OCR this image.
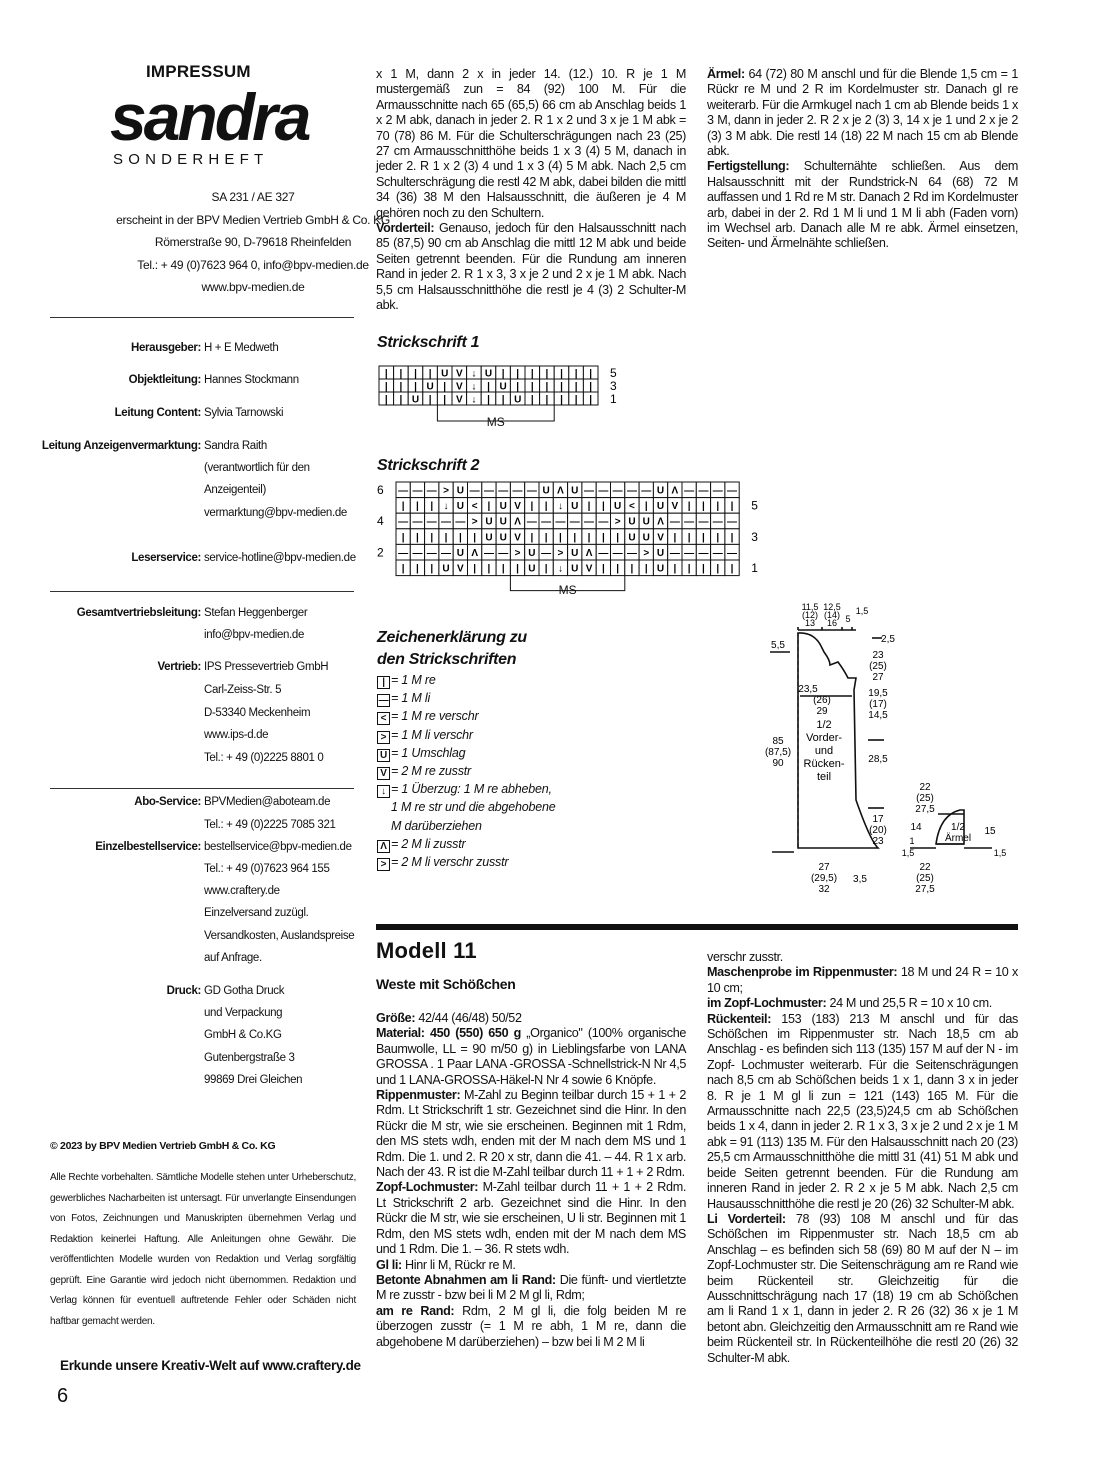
IMPRESSUM
sandra
SONDERHEFT
SA 231 / AE 327
erscheint in der BPV Medien Vertrieb GmbH & Co. KG
Römerstraße 90, D-79618 Rheinfelden
Tel.: + 49 (0)7623 964 0, info@bpv-medien.de
www.bpv-medien.de
Herausgeber: H + E Medweth
Objektleitung: Hannes Stockmann
Leitung Content: Sylvia Tarnowski
Leitung Anzeigenvermarktung: Sandra Raith
(verantwortlich für den
Anzeigenteil)
vermarktung@bpv-medien.de
Leserservice: service-hotline@bpv-medien.de
Gesamtvertriebsleitung: Stefan Heggenberger
info@bpv-medien.de
Vertrieb: IPS Pressevertrieb GmbH
Carl-Zeiss-Str. 5
D-53340 Meckenheim
www.ips-d.de
Tel.: + 49 (0)2225 8801 0
Abo-Service: BPVMedien@aboteam.de
Tel.: + 49 (0)2225 7085 321
Einzelbestellservice: bestellservice@bpv-medien.de
Tel.: + 49 (0)7623 964 155
www.craftery.de
Einzelversand zuzügl.
Versandkosten, Auslandspreise
auf Anfrage.
Druck: GD Gotha Druck
und Verpackung
GmbH & Co.KG
Gutenbergstraße 3
99869 Drei Gleichen
© 2023 by BPV Medien Vertrieb GmbH & Co. KG
Alle Rechte vorbehalten. Sämtliche Modelle stehen unter Urheberschutz, gewerbliches Nacharbeiten ist untersagt. Für unverlangte Einsendungen von Fotos, Zeichnungen und Manuskripten übernehmen Verlag und Redaktion keinerlei Haftung. Alle Anleitungen ohne Gewähr. Die veröffentlichten Modelle wurden von Redaktion und Verlag sorgfältig geprüft. Eine Garantie wird jedoch nicht übernommen. Redaktion und Verlag können für eventuell auftretende Fehler oder Schäden nicht haftbar gemacht werden.
Erkunde unsere Kreativ-Welt auf www.craftery.de
6

x 1 M, dann 2 x in jeder 14. (12.) 10. R je 1 M mustergemäß zun = 84 (92) 100 M. Für die Armausschnitte nach 65 (65,5) 66 cm ab Anschlag beids 1 x 2 M abk, danach in jeder 2. R 1 x 2 und 3 x je 1 M abk = 70 (78) 86 M. Für die Schulterschrägungen nach 23 (25) 27 cm Armausschnitthöhe beids 1 x 3 (4) 5 M, danach in jeder 2. R 1 x 2 (3) 4 und 1 x 3 (4) 5 M abk. Nach 2,5 cm Schulterschrägung die restl 42 M abk, dabei bilden die mittl 34 (36) 38 M den Halsausschnitt, die äußeren je 4 M gehören noch zu den Schultern.

Vorderteil: Genauso, jedoch für den Halsausschnitt nach 85 (87,5) 90 cm ab Anschlag die mittl 12 M abk und beide Seiten getrennt beenden. Für die Rundung am inneren Rand in jeder 2. R 1 x 3, 3 x je 2 und 2 x je 1 M abk. Nach 5,5 cm Halsausschnitthöhe die restl je 4 (3) 2 Schulter-M abk.

Ärmel: 64 (72) 80 M anschl und für die Blende 1,5 cm = 1 Rückr re M und 2 R im Kordelmuster str. Danach gl re weiterarb. Für die Armkugel nach 1 cm ab Blende beids 1 x 3 M, dann in jeder 2. R 2 x je 2 (3) 3, 14 x je 1 und 2 x je 2 (3) 3 M abk. Die restl 14 (18) 22 M nach 15 cm ab Blende abk.

Fertigstellung: Schulternähte schließen. Aus dem Halsausschnitt mit der Rundstrick-N 64 (68) 72 M auffassen und 1 Rd re M str. Danach 2 Rd im Kordelmuster arb, dabei in der 2. Rd 1 M li und 1 M li abh (Faden vorn) im Wechsel arb. Danach alle M re abk. Ärmel einsetzen, Seiten- und Ärmelnähte schließen.

Strickschrift 1
| | | | U V ↓ U | | | | | | |
| | | U | V ↓ | U | | | | | |
| | U | | V ↓ | | U | | | | |
5
3
1
MS
Strickschrift 2
— — — > U — — — — — U Λ U — — — — — U Λ — — — —
| | | ↓ U < | U V | | ↓ U | | U < | U V | | | |
— — — — — > U U Λ — — — — — — > U U Λ — — — — —
| | | | | | U U V | | | | | | | U U V | | | | |
— — — — U Λ — — > U — > U Λ — — — > U — — — — —
| | | U V | | | | U | ↓ U V | | | | U | | | | |
6
4
2
5
3
1
MS
Zeichenerklärung zu
den Strickschriften
| = 1 M re
— = 1 M li
< = 1 M re verschr
> = 1 M li verschr
U = 1 Umschlag
V = 2 M re zusstr
↓ = 1 Überzug: 1 M re abheben,
1 M re str und die abgehobene
M darüberziehen
Λ = 2 M li zusstr
> = 2 M li verschr zusstr
11,5
(12)
13
12,5
(14)
16 5
1,5
5,5
2,5
23
(25)
27
23,5
(26)
29
19,5
(17)
14,5
85
(87,5)
90
1/2
Vorder-
und
Rücken-
teil
28,5
17
(20)
23
27
(29,5)
32
3,5
22
(25)
27,5
14	1/2
Ärmel
15
1
1,5	1,5
22
(25)
27,5
Modell 11
Weste mit Schößchen

Größe: 42/44 (46/48) 50/52

Material: 450 (550) 650 g „Organico" (100% organische Baumwolle, LL = 90 m/50 g) in Lieblingsfarbe von LANA GROSSA . 1 Paar LANA -GROSSA -Schnellstrick-N Nr 4,5 und 1 LANA-GROSSA-Häkel-N Nr 4 sowie 6 Knöpfe.

Rippenmuster: M-Zahl zu Beginn teilbar durch 15 + 1 + 2 Rdm. Lt Strickschrift 1 str. Gezeichnet sind die Hinr. In den Rückr die M str, wie sie erscheinen. Beginnen mit 1 Rdm, den MS stets wdh, enden mit der M nach dem MS und 1 Rdm. Die 1. und 2. R 20 x str, dann die 41. – 44. R 1 x arb. Nach der 43. R ist die M-Zahl teilbar durch 11 + 1 + 2 Rdm.

Zopf-Lochmuster: M-Zahl teilbar durch 11 + 1 + 2 Rdm. Lt Strickschrift 2 arb. Gezeichnet sind die Hinr. In den Rückr die M str, wie sie erscheinen, U li str. Beginnen mit 1 Rdm, den MS stets wdh, enden mit der M nach dem MS und 1 Rdm. Die 1. – 36. R stets wdh.

Gl li: Hinr li M, Rückr re M.

Betonte Abnahmen am li Rand: Die fünft- und viertletzte M re zusstr - bzw bei li M 2 M gl li, Rdm;

am re Rand: Rdm, 2 M gl li, die folg beiden M re überzogen zusstr (= 1 M re abh, 1 M re, dann die abgehobene M darüberziehen) – bzw bei li M 2 M li

verschr zusstr.

Maschenprobe im Rippenmuster: 18 M und 24 R = 10 x 10 cm;

im Zopf-Lochmuster: 24 M und 25,5 R = 10 x 10 cm.

Rückenteil: 153 (183) 213 M anschl und für das Schößchen im Rippenmuster str. Nach 18,5 cm ab Anschlag - es befinden sich 113 (135) 157 M auf der N - im Zopf- Lochmuster weiterarb. Für die Seitenschrägungen nach 8,5 cm ab Schößchen beids 1 x 1, dann 3 x in jeder 8. R je 1 M gl li zun = 121 (143) 165 M. Für die Armausschnitte nach 22,5 (23,5)24,5 cm ab Schößchen beids 1 x 4, dann in jeder 2. R 1 x 3, 3 x je 2 und 2 x je 1 M abk = 91 (113) 135 M. Für den Halsausschnitt nach 20 (23) 25,5 cm Armausschnitthöhe die mittl 31 (41) 51 M abk und beide Seiten getrennt beenden. Für die Rundung am inneren Rand in jeder 2. R 2 x je 5 M abk. Nach 2,5 cm Hausausschnitthöhe die restl je 20 (26) 32 Schulter-M abk.

Li Vorderteil: 78 (93) 108 M anschl und für das Schößchen im Rippenmuster str. Nach 18,5 cm ab Anschlag – es befinden sich 58 (69) 80 M auf der N – im Zopf-Lochmuster str. Die Seitenschrägung am re Rand wie beim Rückenteil str. Gleichzeitig für die Ausschnittschrägung nach 17 (18) 19 cm ab Schößchen am li Rand 1 x 1, dann in jeder 2. R 26 (32) 36 x je 1 M betont abn. Gleichzeitig den Armausschnitt am re Rand wie beim Rückenteil str. In Rückenteilhöhe die restl 20 (26) 32 Schulter-M abk.
